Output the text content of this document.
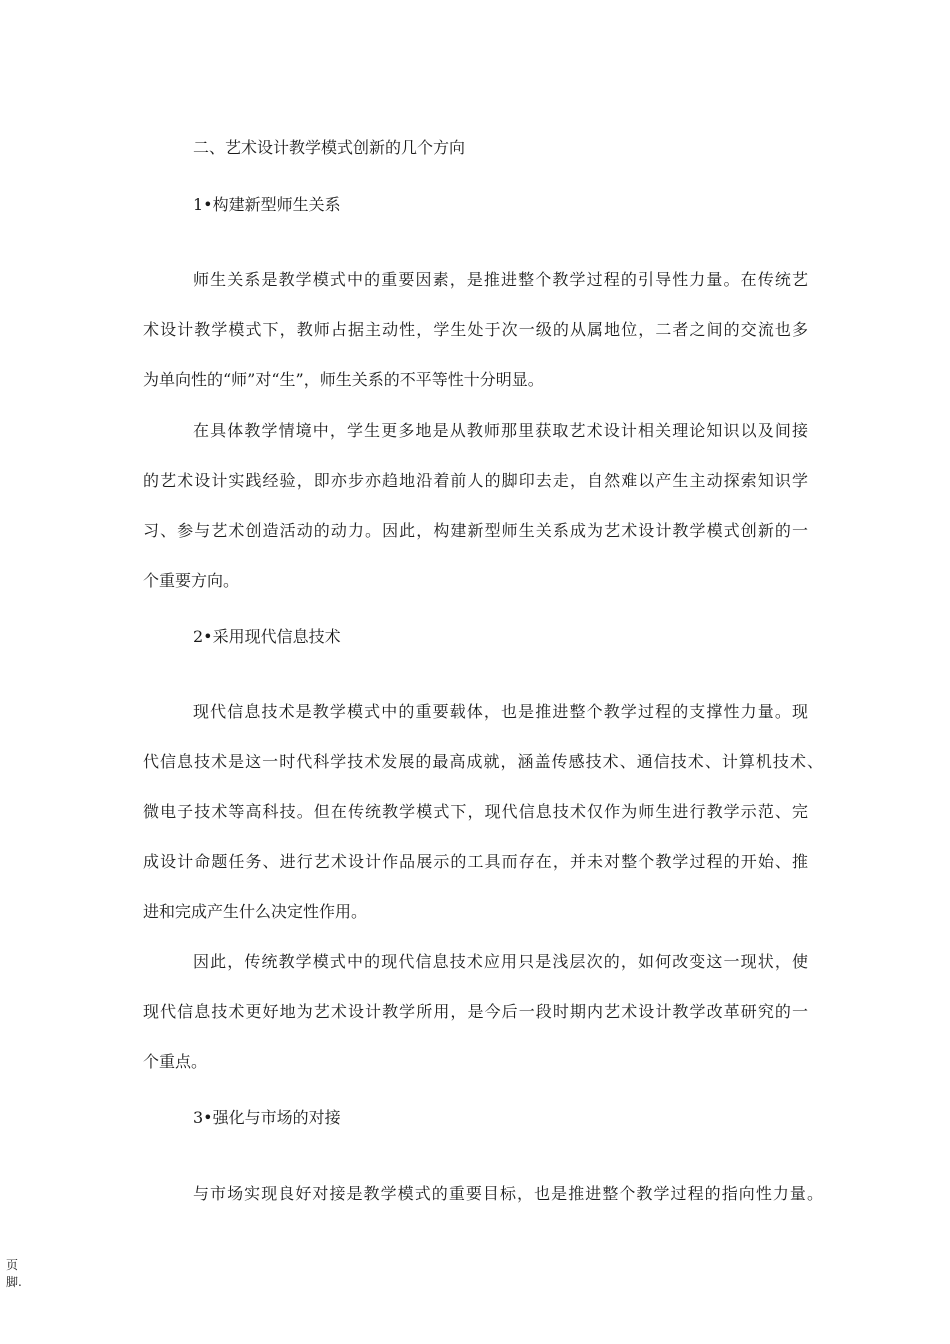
二、艺术设计教学模式创新的几个方向
1•构建新型师生关系
师生关系是教学模式中的重要因素，是推进整个教学过程的引导性力量。在传统艺
术设计教学模式下，教师占据主动性，学生处于次一级的从属地位，二者之间的交流也多
为单向性的“师”对“生”，师生关系的不平等性十分明显。
在具体教学情境中，学生更多地是从教师那里获取艺术设计相关理论知识以及间接
的艺术设计实践经验，即亦步亦趋地沿着前人的脚印去走，自然难以产生主动探索知识学
习、参与艺术创造活动的动力。因此，构建新型师生关系成为艺术设计教学模式创新的一
个重要方向。
2•采用现代信息技术
现代信息技术是教学模式中的重要载体，也是推进整个教学过程的支撑性力量。现
代信息技术是这一时代科学技术发展的最高成就，涵盖传感技术、通信技术、计算机技术、
微电子技术等高科技。但在传统教学模式下，现代信息技术仅作为师生进行教学示范、完
成设计命题任务、进行艺术设计作品展示的工具而存在，并未对整个教学过程的开始、推
进和完成产生什么决定性作用。
因此，传统教学模式中的现代信息技术应用只是浅层次的，如何改变这一现状，使
现代信息技术更好地为艺术设计教学所用，是今后一段时期内艺术设计教学改革研究的一
个重点。
3•强化与市场的对接
与市场实现良好对接是教学模式的重要目标，也是推进整个教学过程的指向性力量。
页
脚.
